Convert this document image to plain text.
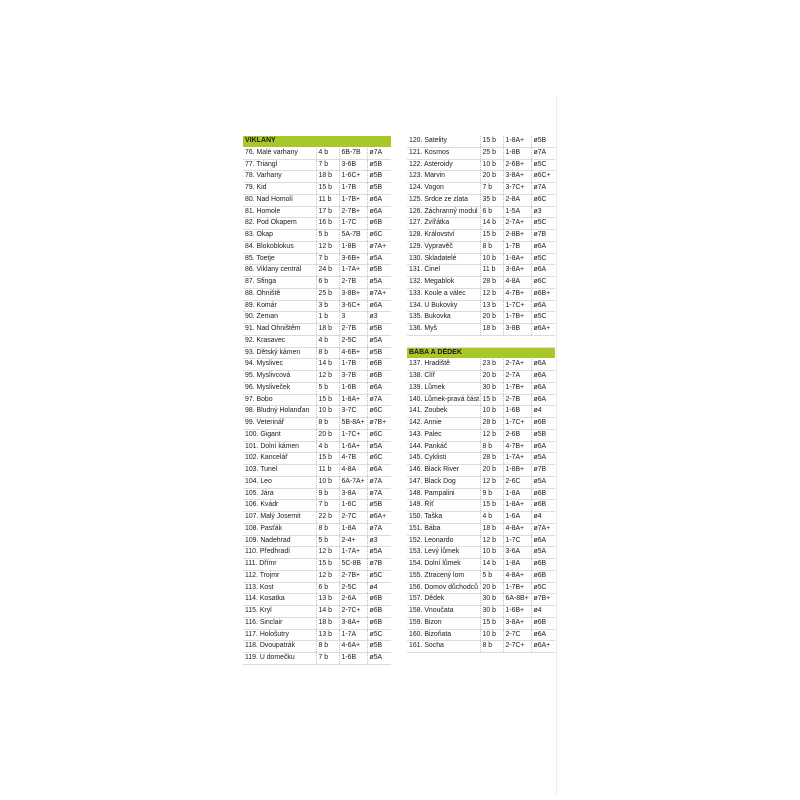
VIKLANY			
76. Malé varhany	4 b	6B-7B	ø7A
77. Triangl	7 b	3-6B	ø5B
78. Varhany	18 b	1-6C+	ø5B
79. Kid	15 b	1-7B	ø5B
80. Nad Homolí	11 b	1-7B+	ø6A
81. Homole	17 b	2-7B+	ø6A
82. Pod Okapem	16 b	1-7C	ø6B
83. Okap	5 b	5A-7B	ø6C
84. Blokoblokus	12 b	1-8B	ø7A+
85. Toetje	7 b	3-6B+	ø5A
86. Viklany centrál	24 b	1-7A+	ø5B
87. Sfinga	6 b	2-7B	ø5A
88. Ohniště	25 b	3-8B+	ø7A+
89. Komár	3 b	3-6C+	ø6A
90. Zeman	1 b	3	ø3
91. Nad Ohništěm	18 b	2-7B	ø5B
92. Krasavec	4 b	2-5C	ø5A
93. Dětský kámen	8 b	4-6B+	ø5B
94. Myslivec	14 b	1-7B	ø6B
95. Myslivcová	12 b	3-7B	ø6B
96. Mysliveček	5 b	1-6B	ø6A
97. Bobo	15 b	1-8A+	ø7A
98. Bludný Holanďan	10 b	3-7C	ø6C
99. Veterinář	8 b	5B-8A+	ø7B+
100. Gigant	20 b	1-7C+	ø6C
101. Dolní kámen	4 b	1-6A+	ø5A
102. Kancelář	15 b	4-7B	ø6C
103. Tunel	11 b	4-8A	ø6A
104. Leo	10 b	6A-7A+	ø7A
105. Jára	9 b	3-8A	ø7A
106. Kvádr	7 b	1-6C	ø5B
107. Malý Josemit	22 b	2-7C	ø6A+
108. Pasťák	8 b	1-8A	ø7A
109. Nadehrad	5 b	2-4+	ø3
110. Předhradí	12 b	1-7A+	ø5A
111. Dřímr	15 b	5C-8B	ø7B
112. Trojmr	12 b	2-7B+	ø5C
113. Kost	6 b	2-5C	ø4
114. Kosatka	13 b	2-6A	ø6B
115. Kryl	14 b	2-7C+	ø6B
116. Sinclair	18 b	3-8A+	ø6B
117. Hološutry	13 b	1-7A	ø5C
118. Dvoupatrák	8 b	4-6A+	ø5B
119. U domečku	7 b	1-6B	ø5A
120. Satelity	15 b	1-8A+	ø5B
121. Kosmos	25 b	1-8B	ø7A
122. Asteroidy	10 b	2-6B+	ø5C
123. Marvin	20 b	3-8A+	ø6C+
124. Vogon	7 b	3-7C+	ø7A
125. Srdce ze zlata	35 b	2-8A	ø6C
126. Záchranný modul	6 b	1-5A	ø3
127. Zvířátka	14 b	2-7A+	ø5C
128. Království	15 b	2-8B+	ø7B
129. Vypravěč	8 b	1-7B	ø6A
130. Skladatelé	10 b	1-8A+	ø5C
131. Činel	11 b	3-8A+	ø6A
132. Megablok	28 b	4-8A	ø6C
133. Koule a válec	12 b	4-7B+	ø6B+
134. U Bukovky	13 b	1-7C+	ø6A
135. Bukovka	20 b	1-7B+	ø5C
136. Myš	18 b	3-8B	ø6A+

BÁBA A DĚDEK			
137. Hradiště	23 b	2-7A+	ø6A
138. Clíř	20 b	2-7A	ø6A
139. Lůmek	30 b	1-7B+	ø6A
140. Lůmek-pravá část	15 b	2-7B	ø6A
141. Zoubek	10 b	1-6B	ø4
142. Annie	28 b	1-7C+	ø6B
143. Palec	12 b	2-6B	ø5B
144. Pankáč	8 b	4-7B+	ø6A
145. Cyklisti	28 b	1-7A+	ø5A
146. Black River	20 b	1-8B+	ø7B
147. Black Dog	12 b	2-6C	ø5A
148. Pampalini	9 b	1-8A	ø6B
149. Říť	15 b	1-8A+	ø6B
150. Taška	4 b	1-6A	ø4
151. Bába	18 b	4-8A+	ø7A+
152. Leonardo	12 b	1-7C	ø6A
153. Levý lůmek	10 b	3-6A	ø5A
154. Dolní lůmek	14 b	1-8A	ø6B
155. Ztracený lom	5 b	4-8A+	ø6B
156. Domov důchodců	20 b	1-7B+	ø5C
157. Dědek	30 b	6A-8B+	ø7B+
158. Vnoučata	30 b	1-6B+	ø4
159. Bizon	15 b	3-8A+	ø6B
160. Bizoňata	10 b	2-7C	ø6A
161. Socha	8 b	2-7C+	ø6A+
